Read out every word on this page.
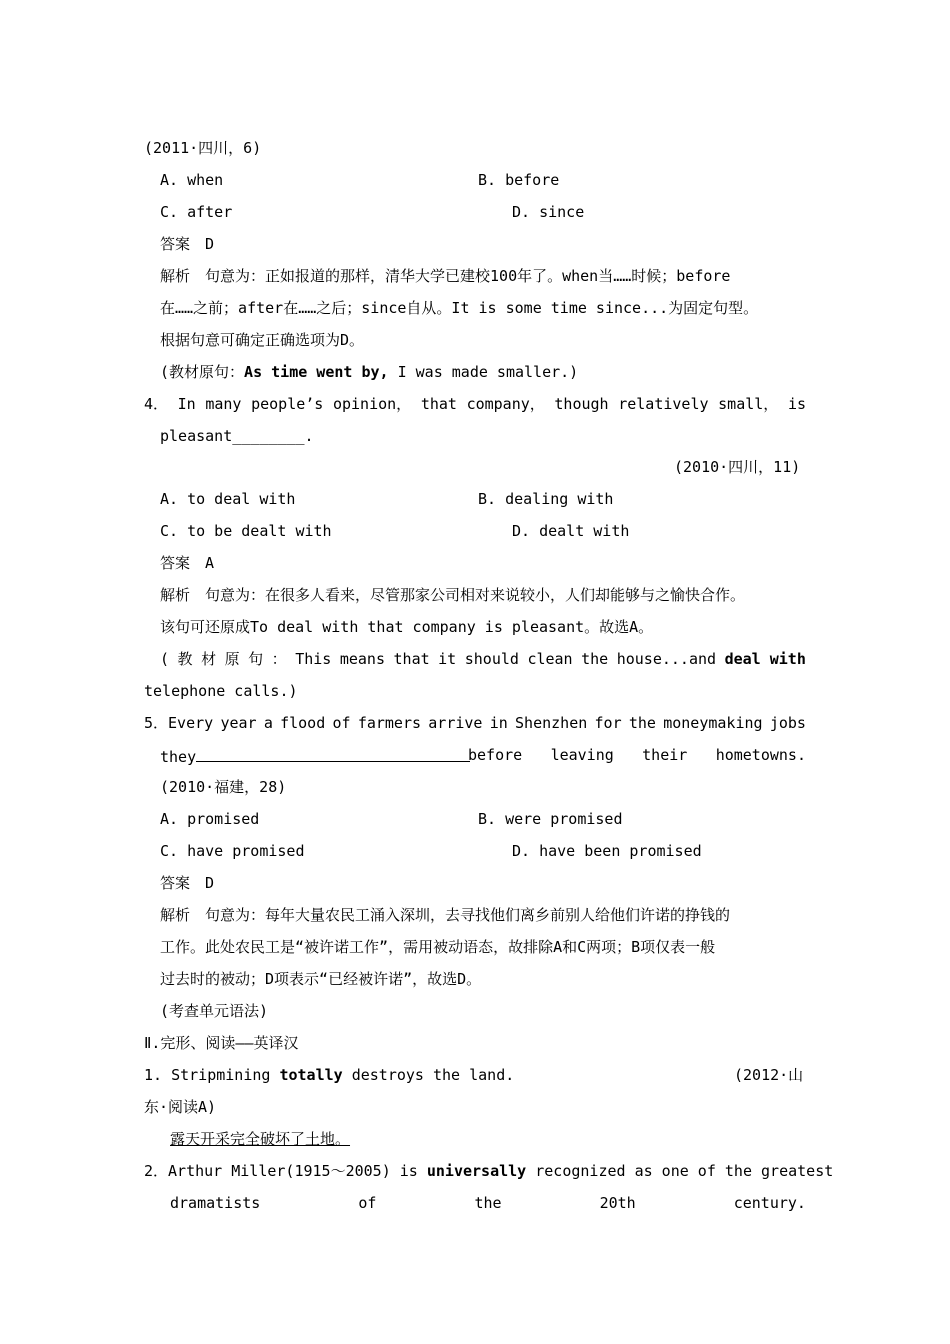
(2011·四川，6)
A. when	B. before
C. after	D. since
答案　D
解析　句意为：正如报道的那样，清华大学已建校100年了。when当……时候；before
在……之前；after在……之后；since自从。It is some time since...为固定句型。
根据句意可确定正确选项为D。
(教材原句：As time went by, I was made smaller.)
4． In many people’s opinion， that company， though relatively small， is
pleasant________.
(2010·四川，11)
A. to deal with	B. dealing with
C. to be dealt with	D. dealt with
答案　A
解析　句意为：在很多人看来，尽管那家公司相对来说较小，人们却能够与之愉快合作。
该句可还原成To deal with that company is pleasant。故选A。
( 教 材 原 句 ： This means that it should clean the house...and deal with
telephone calls.)
5．Every year a flood of farmers arrive in Shenzhen for the moneymaking jobs
they	before leaving their hometowns.
(2010·福建，28)
A. promised	B. were promised
C. have promised	D. have been promised
答案　D
解析　句意为：每年大量农民工涌入深圳，去寻找他们离乡前别人给他们许诺的挣钱的
工作。此处农民工是“被许诺工作”，需用被动语态，故排除A和C两项；B项仅表一般
过去时的被动；D项表示“已经被许诺”，故选D。
(考查单元语法)
Ⅱ.完形、阅读——英译汉
1. Stripmining totally destroys the land.	(2012·山
东·阅读A)
露天开采完全破坏了土地。
2．Arthur Miller(1915～2005) is universally recognized as one of the greatest
dramatists	of	the	20th	century.
